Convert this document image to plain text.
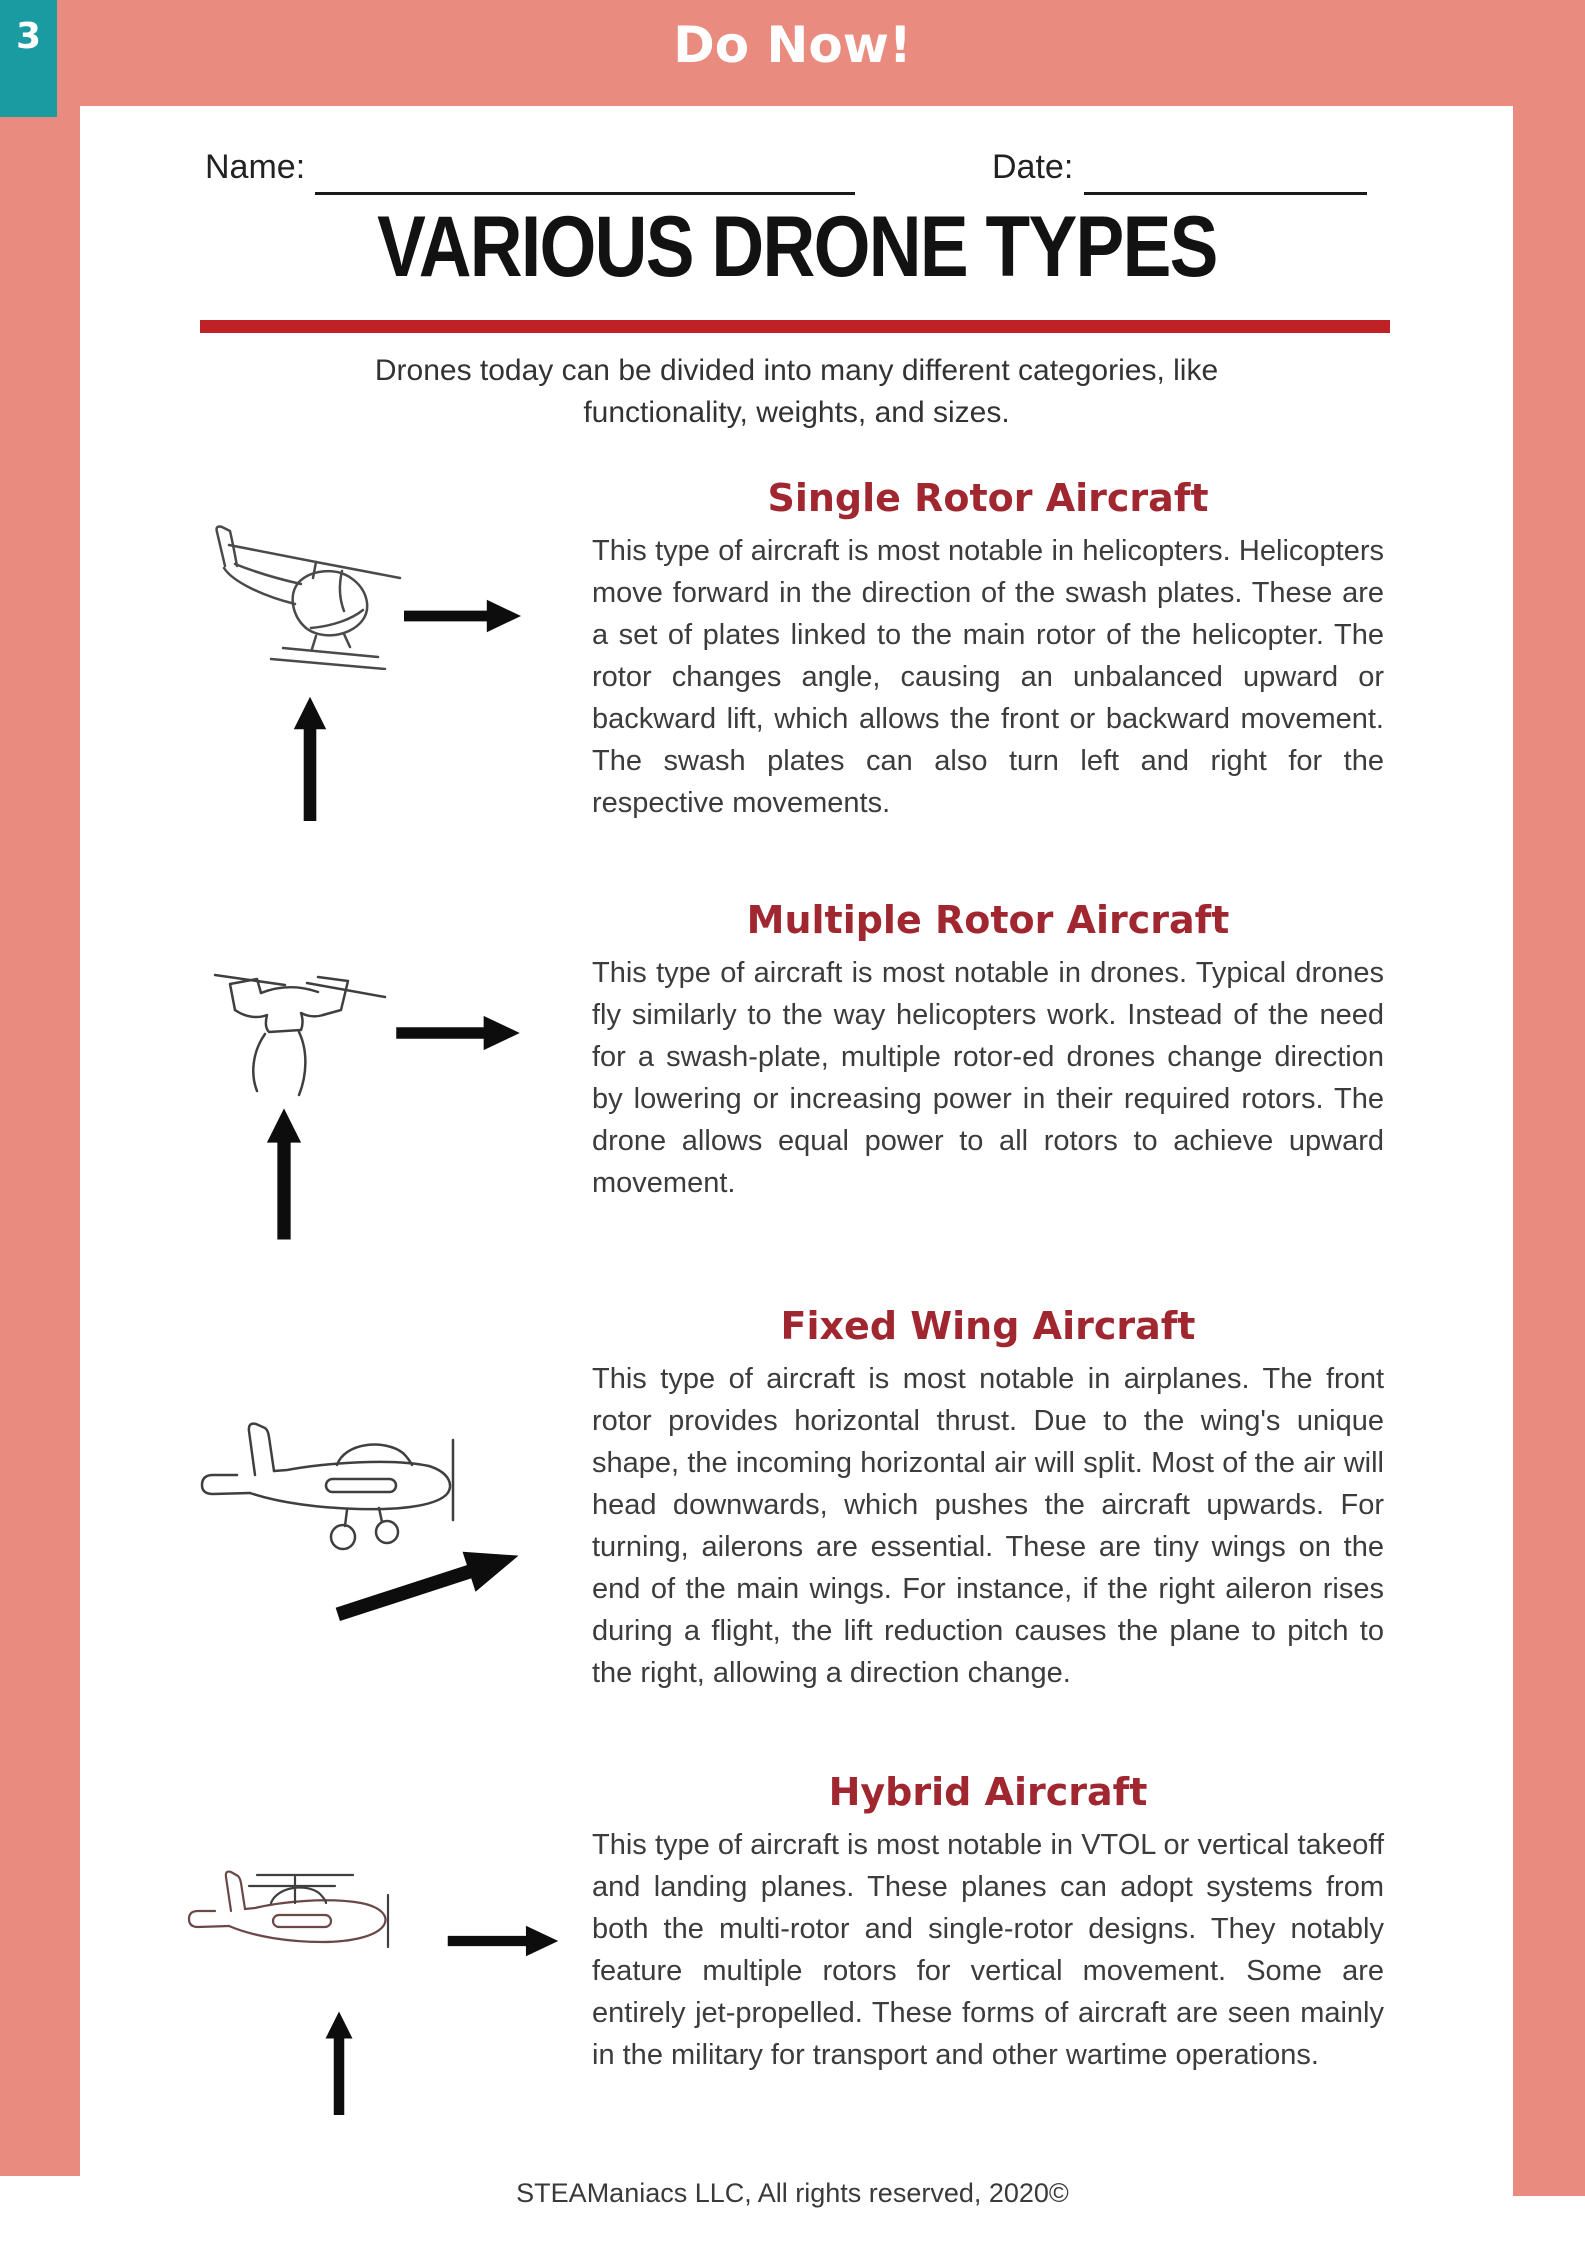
3	Do Now!
Name:	Date:
VARIOUS DRONE TYPES
Drones today can be divided into many different categories, like
functionality, weights, and sizes.
Single Rotor Aircraft
This type of aircraft is most notable in helicopters. Helicopters move forward in the direction of the swash plates. These are a set of plates linked to the main rotor of the helicopter. The rotor changes angle, causing an unbalanced upward or backward lift, which allows the front or backward movement. The swash plates can also turn left and right for the respective movements.
Multiple Rotor Aircraft
This type of aircraft is most notable in drones. Typical drones fly similarly to the way helicopters work. Instead of the need for a swash-plate, multiple rotor-ed drones change direction by lowering or increasing power in their required rotors. The drone allows equal power to all rotors to achieve upward movement.
Fixed Wing Aircraft
This type of aircraft is most notable in airplanes. The front rotor provides horizontal thrust. Due to the wing's unique shape, the incoming horizontal air will split. Most of the air will head downwards, which pushes the aircraft upwards. For turning, ailerons are essential. These are tiny wings on the end of the main wings. For instance, if the right aileron rises during a flight, the lift reduction causes the plane to pitch to the right, allowing a direction change.
Hybrid Aircraft
This type of aircraft is most notable in VTOL or vertical takeoff and landing planes. These planes can adopt systems from both the multi-rotor and single-rotor designs. They notably feature multiple rotors for vertical movement. Some are entirely jet-propelled. These forms of aircraft are seen mainly in the military for transport and other wartime operations.
STEAManiacs LLC, All rights reserved, 2020©
